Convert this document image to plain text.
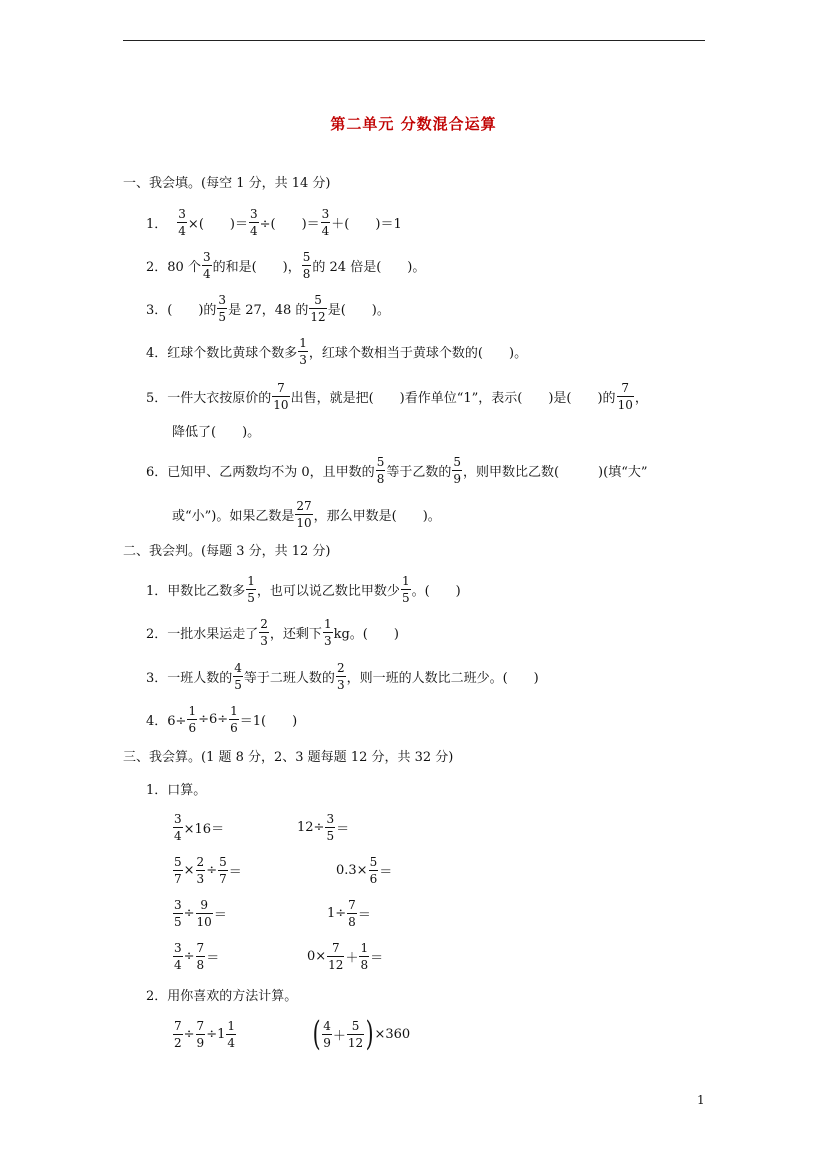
第二单元 分数混合运算
一、我会填。(每空 1 分，共 14 分)
1． $\frac{3}{4}$ ×(　　)＝ $\frac{3}{4}$ ÷(　　)＝ $\frac{3}{4}$ ＋(　　)＝1
2．80 个 $\frac{3}{4}$ 的和是(　　)， $\frac{5}{8}$ 的 24 倍是(　　)。
3．(　　)的 $\frac{3}{5}$ 是 27，48 的 $\frac{5}{12}$ 是(　　)。
4．红球个数比黄球个数多 $\frac{1}{3}$ ，红球个数相当于黄球个数的(　　)。
5．一件大衣按原价的 $\frac{7}{10}$ 出售，就是把(　　)看作单位“1”，表示(　　)是(　　)的 $\frac{7}{10}$ ，
降低了(　　)。
6．已知甲、乙两数均不为 0，且甲数的 $\frac{5}{8}$ 等于乙数的 $\frac{5}{9}$ ，则甲数比乙数(　　　)(填“大”
或“小”)。如果乙数是 $\frac{27}{10}$ ，那么甲数是(　　)。
二、我会判。(每题 3 分，共 12 分)
1．甲数比乙数多 $\frac{1}{5}$ ，也可以说乙数比甲数少 $\frac{1}{5}$ 。(　　)
2．一批水果运走了 $\frac{2}{3}$ ，还剩下 $\frac{1}{3}$ kg。(　　)
3．一班人数的 $\frac{4}{5}$ 等于二班人数的 $\frac{2}{3}$ ，则一班的人数比二班少。(　　)
4．$6\div \frac{1}{6} \div 6\div \frac{1}{6} =1$(　　)
三、我会算。(1 题 8 分，2、3 题每题 12 分，共 32 分)
1．口算。
$\frac{3}{4} \times 16=$	$12\div \frac{3}{5}$ ＝
$\frac{5}{7} \times \frac{2}{3} \div \frac{5}{7}$ ＝	$0.3\times \frac{5}{6}$ ＝
$\frac{3}{5} \div \frac{9}{10}$ ＝	$1\div \frac{7}{8}$ ＝
$\frac{3}{4} \div \frac{7}{8}$ ＝	$0\times \frac{7}{12} + \frac{1}{8}$ ＝
2．用你喜欢的方法计算。
$\frac{7}{2} \div \frac{7}{9} \div 1 \frac{1}{4}$ ( $\frac{4}{9} + \frac{5}{12}$ ) ×360
1
